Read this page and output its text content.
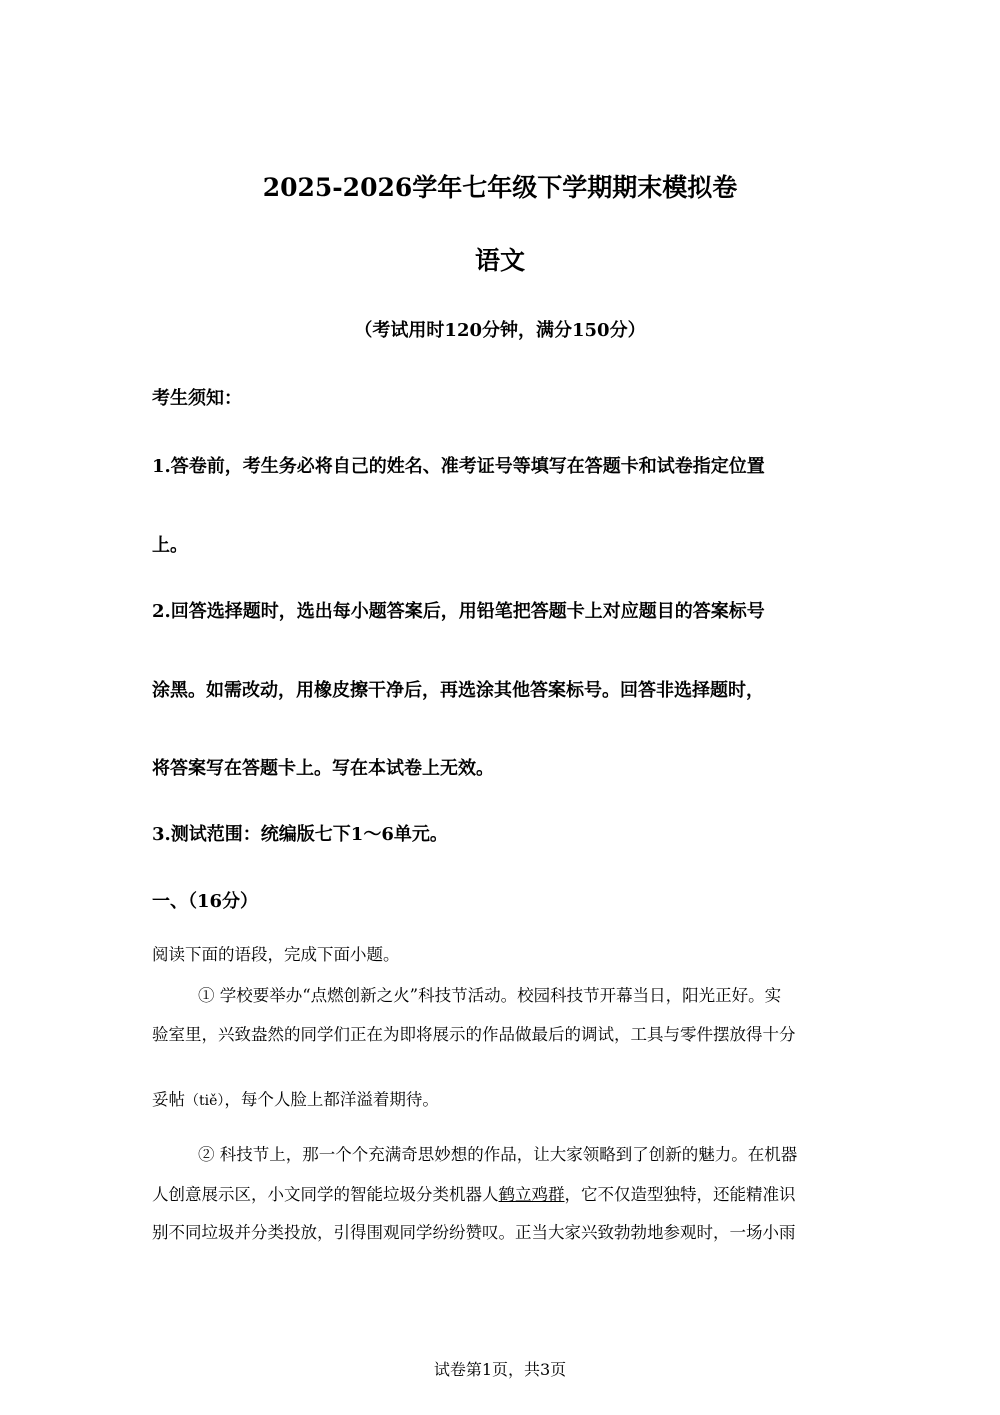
2025-2026学年七年级下学期期末模拟卷
语文
（考试用时120分钟，满分150分）
考生须知：
1.答卷前，考生务必将自己的姓名、准考证号等填写在答题卡和试卷指定位置
上。
2.回答选择题时，选出每小题答案后，用铅笔把答题卡上对应题目的答案标号
涂黑。如需改动，用橡皮擦干净后，再选涂其他答案标号。回答非选择题时，
将答案写在答题卡上。写在本试卷上无效。
3.测试范围：统编版七下1～6单元。
一、（16分）
阅读下面的语段，完成下面小题。
① 学校要举办“点燃创新之火”科技节活动。校园科技节开幕当日，阳光正好。实
验室里，兴致盎然的同学们正在为即将展示的作品做最后的调试，工具与零件摆放得十分
妥帖（tiě），每个人脸上都洋溢着期待。
② 科技节上，那一个个充满奇思妙想的作品，让大家领略到了创新的魅力。在机器
人创意展示区，小文同学的智能垃圾分类机器人鹤立鸡群，它不仅造型独特，还能精准识
别不同垃圾并分类投放，引得围观同学纷纷赞叹。正当大家兴致勃勃地参观时，一场小雨
试卷第1页，共3页
